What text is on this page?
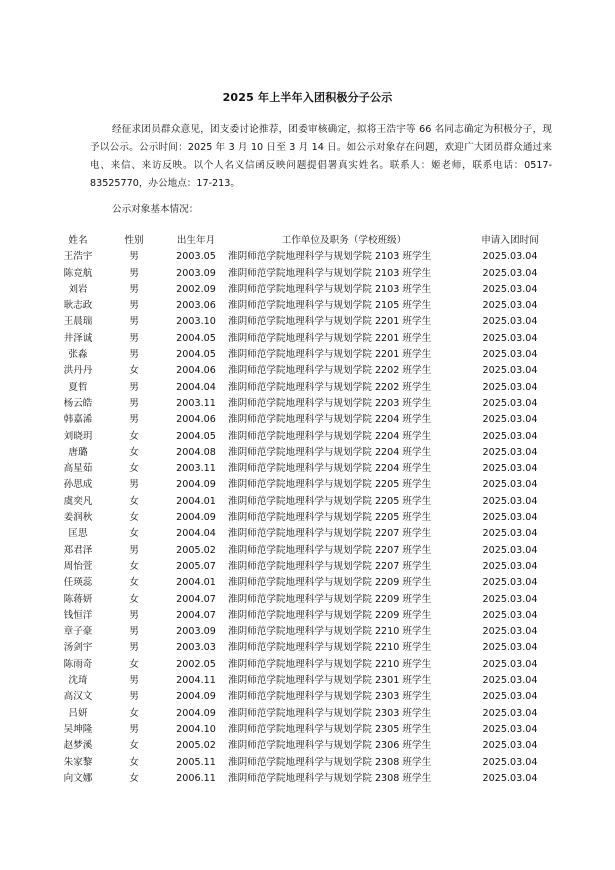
2025 年上半年入团积极分子公示

经征求团员群众意见，团支委讨论推荐，团委审核确定，拟将王浩宇等 66 名同志确定为积极分子，现予以公示。公示时间：2025 年 3 月 10 日至 3 月 14 日。如公示对象存在问题，欢迎广大团员群众通过来电、来信、来访反映。以个人名义信函反映问题提倡署真实姓名。联系人：姬老师，联系电话：0517-83525770，办公地点：17-213。

公示对象基本情况：

姓名	性别	出生年月	工作单位及职务（学校班级）	申请入团时间
王浩宇	男	2003.05	淮阴师范学院地理科学与规划学院 2103 班学生	2025.03.04
陈竞航	男	2003.09	淮阴师范学院地理科学与规划学院 2103 班学生	2025.03.04
刘岩	男	2002.09	淮阴师范学院地理科学与规划学院 2103 班学生	2025.03.04
耿志政	男	2003.06	淮阴师范学院地理科学与规划学院 2105 班学生	2025.03.04
王晨瑞	男	2003.10	淮阴师范学院地理科学与规划学院 2201 班学生	2025.03.04
井泽诚	男	2004.05	淮阴师范学院地理科学与规划学院 2201 班学生	2025.03.04
张淼	男	2004.05	淮阴师范学院地理科学与规划学院 2201 班学生	2025.03.04
洪丹丹	女	2004.06	淮阴师范学院地理科学与规划学院 2202 班学生	2025.03.04
夏哲	男	2004.04	淮阴师范学院地理科学与规划学院 2202 班学生	2025.03.04
杨云皓	男	2003.11	淮阴师范学院地理科学与规划学院 2203 班学生	2025.03.04
韩嘉浠	男	2004.06	淮阴师范学院地理科学与规划学院 2204 班学生	2025.03.04
刘晓玥	女	2004.05	淮阴师范学院地理科学与规划学院 2204 班学生	2025.03.04
唐璐	女	2004.08	淮阴师范学院地理科学与规划学院 2204 班学生	2025.03.04
高星茹	女	2003.11	淮阴师范学院地理科学与规划学院 2204 班学生	2025.03.04
孙思成	男	2004.09	淮阴师范学院地理科学与规划学院 2205 班学生	2025.03.04
虞奕凡	女	2004.01	淮阴师范学院地理科学与规划学院 2205 班学生	2025.03.04
姜润秋	女	2004.09	淮阴师范学院地理科学与规划学院 2205 班学生	2025.03.04
匡思	女	2004.04	淮阴师范学院地理科学与规划学院 2207 班学生	2025.03.04
郑君泽	男	2005.02	淮阴师范学院地理科学与规划学院 2207 班学生	2025.03.04
周怡萱	女	2005.07	淮阴师范学院地理科学与规划学院 2207 班学生	2025.03.04
任瑛蕊	女	2004.01	淮阴师范学院地理科学与规划学院 2209 班学生	2025.03.04
陈蒋妍	女	2004.07	淮阴师范学院地理科学与规划学院 2209 班学生	2025.03.04
钱恒洋	男	2004.07	淮阴师范学院地理科学与规划学院 2209 班学生	2025.03.04
章子豪	男	2003.09	淮阴师范学院地理科学与规划学院 2210 班学生	2025.03.04
汤剑宇	男	2003.03	淮阴师范学院地理科学与规划学院 2210 班学生	2025.03.04
陈雨奇	女	2002.05	淮阴师范学院地理科学与规划学院 2210 班学生	2025.03.04
沈琦	男	2004.11	淮阴师范学院地理科学与规划学院 2301 班学生	2025.03.04
高汉文	男	2004.09	淮阴师范学院地理科学与规划学院 2303 班学生	2025.03.04
吕妍	女	2004.09	淮阴师范学院地理科学与规划学院 2303 班学生	2025.03.04
吴坤隆	男	2004.10	淮阴师范学院地理科学与规划学院 2305 班学生	2025.03.04
赵梦溪	女	2005.02	淮阴师范学院地理科学与规划学院 2306 班学生	2025.03.04
朱家黎	女	2005.11	淮阴师范学院地理科学与规划学院 2308 班学生	2025.03.04
向文娜	女	2006.11	淮阴师范学院地理科学与规划学院 2308 班学生	2025.03.04
